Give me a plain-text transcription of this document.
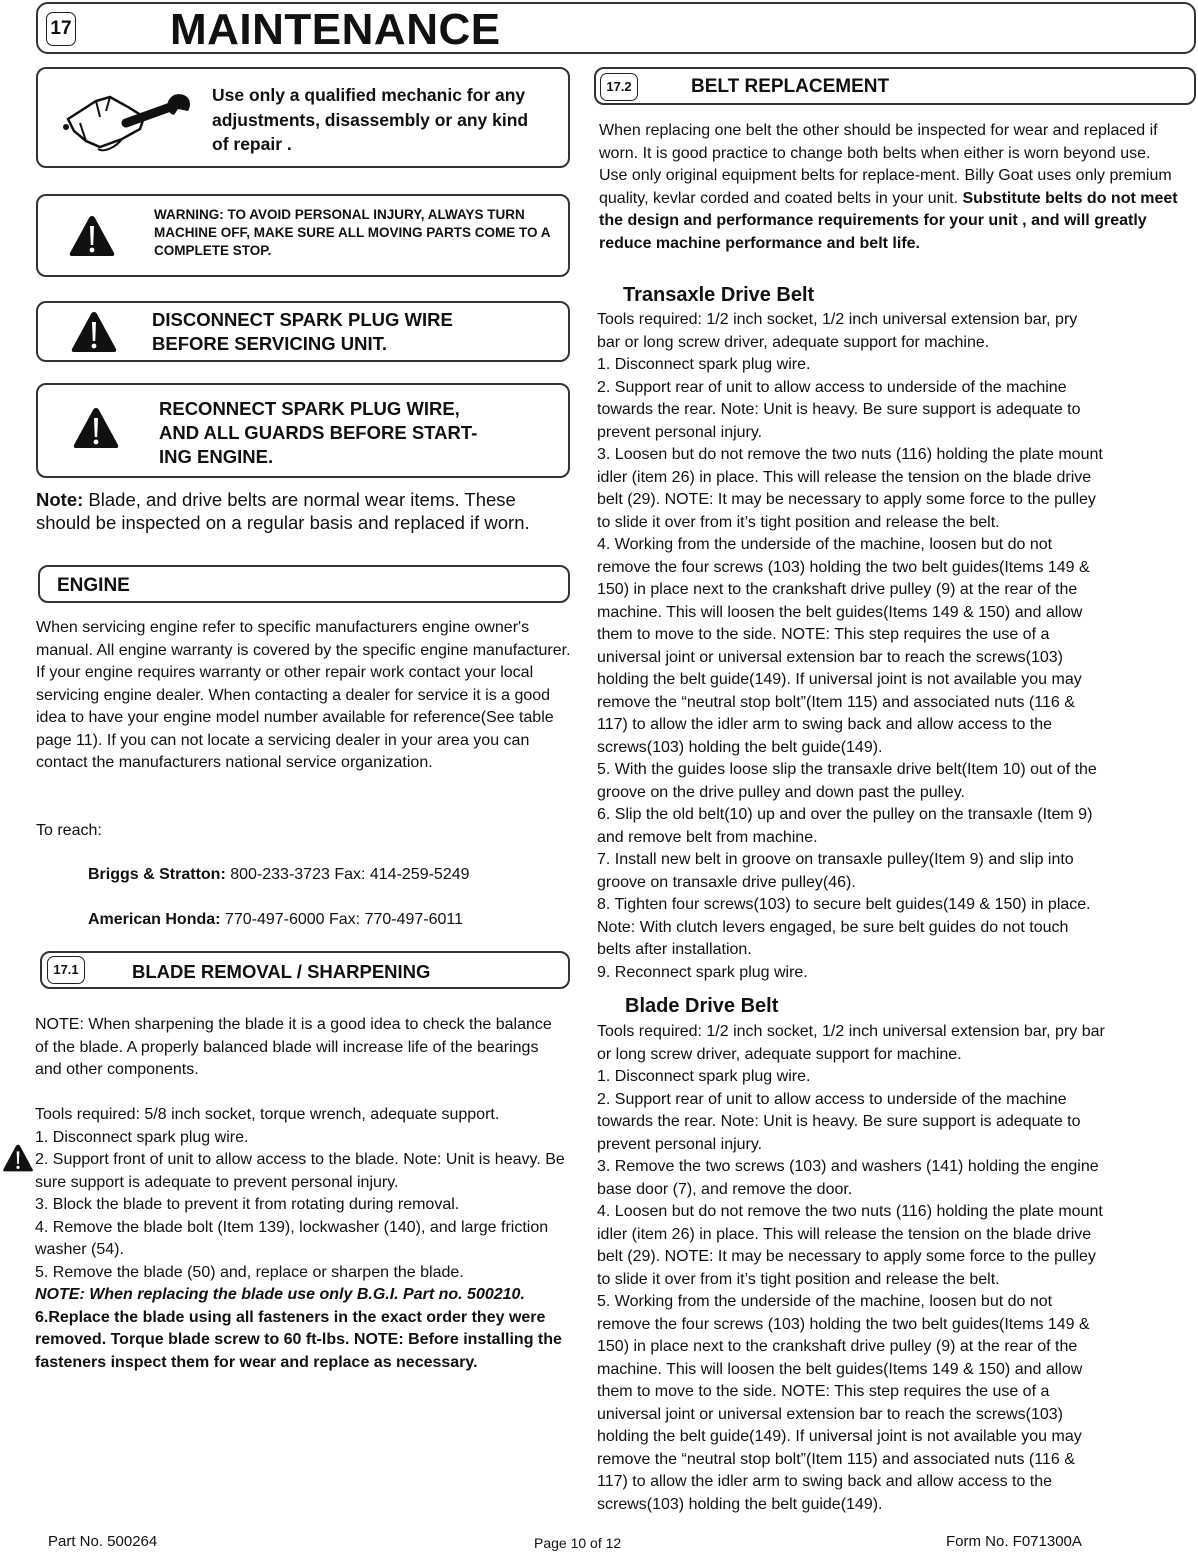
17 MAINTENANCE
Use only a qualified mechanic for any adjustments, disassembly or any kind of repair .
WARNING: TO AVOID PERSONAL INJURY, ALWAYS TURN MACHINE OFF, MAKE SURE ALL MOVING PARTS COME TO A COMPLETE STOP.
DISCONNECT SPARK PLUG WIRE
BEFORE SERVICING UNIT.
RECONNECT SPARK PLUG WIRE,
AND ALL GUARDS BEFORE START-
ING ENGINE.
Note: Blade, and drive belts are normal wear items. These should be inspected on a regular basis and replaced if worn.
ENGINE

When servicing engine refer to specific manufacturers engine owner's manual. All engine warranty is covered by the specific engine manufacturer. If your engine requires warranty or other repair work contact your local servicing engine dealer. When contacting a dealer for service it is a good idea to have your engine model number available for reference(See table page 11). If you can not locate a servicing dealer in your area you can contact the manufacturers national service organization.

To reach:
Briggs & Stratton: 800-233-3723 Fax: 414-259-5249
American Honda: 770-497-6000 Fax: 770-497-6011
17.1	BLADE REMOVAL / SHARPENING

NOTE: When sharpening the blade it is a good idea to check the balance of the blade. A properly balanced blade will increase life of the bearings and other components.

Tools required: 5/8 inch socket, torque wrench, adequate support.

1. Disconnect spark plug wire.

2. Support front of unit to allow access to the blade. Note: Unit is heavy. Be sure support is adequate to prevent personal injury.

3. Block the blade to prevent it from rotating during removal.

4. Remove the blade bolt (Item 139), lockwasher (140), and large friction washer (54).

5. Remove the blade (50) and, replace or sharpen the blade.

NOTE: When replacing the blade use only B.G.I. Part no. 500210.

6.Replace the blade using all fasteners in the exact order they were removed. Torque blade screw to 60 ft-lbs. NOTE: Before installing the fasteners inspect them for wear and replace as necessary.

17.2	BELT REPLACEMENT
When replacing one belt the other should be inspected for wear and replaced if worn. It is good practice to change both belts when either is worn beyond use. Use only original equipment belts for replace-ment. Billy Goat uses only premium quality, kevlar corded and coated belts in your unit. Substitute belts do not meet the design and performance requirements for your unit , and will greatly reduce machine performance and belt life.
Transaxle Drive Belt

Tools required: 1/2 inch socket, 1/2 inch universal extension bar, pry

bar or long screw driver, adequate support for machine.

1. Disconnect spark plug wire.

2. Support rear of unit to allow access to underside of the machine

towards the rear. Note: Unit is heavy. Be sure support is adequate to

prevent personal injury.

3. Loosen but do not remove the two nuts (116) holding the plate mount

idler (item 26) in place. This will release the tension on the blade drive

belt (29). NOTE: It may be necessary to apply some force to the pulley

to slide it over from it’s tight position and release the belt.

4. Working from the underside of the machine, loosen but do not

remove the four screws (103) holding the two belt guides(Items 149 &

150) in place next to the crankshaft drive pulley (9) at the rear of the

machine. This will loosen the belt guides(Items 149 & 150) and allow

them to move to the side. NOTE: This step requires the use of a

universal joint or universal extension bar to reach the screws(103)

holding the belt guide(149). If universal joint is not available you may

remove the “neutral stop bolt”(Item 115) and associated nuts (116 &

117) to allow the idler arm to swing back and allow access to the

screws(103) holding the belt guide(149).

5. With the guides loose slip the transaxle drive belt(Item 10) out of the

groove on the drive pulley and down past the pulley.

6. Slip the old belt(10) up and over the pulley on the transaxle (Item 9)

and remove belt from machine.

7. Install new belt in groove on transaxle pulley(Item 9) and slip into

groove on transaxle drive pulley(46).

8. Tighten four screws(103) to secure belt guides(149 & 150) in place.

Note: With clutch levers engaged, be sure belt guides do not touch

belts after installation.

9. Reconnect spark plug wire.

Blade Drive Belt

Tools required: 1/2 inch socket, 1/2 inch universal extension bar, pry bar

or long screw driver, adequate support for machine.

1. Disconnect spark plug wire.

2. Support rear of unit to allow access to underside of the machine

towards the rear. Note: Unit is heavy. Be sure support is adequate to

prevent personal injury.

3. Remove the two screws (103) and washers (141) holding the engine

base door (7), and remove the door.

4. Loosen but do not remove the two nuts (116) holding the plate mount

idler (item 26) in place. This will release the tension on the blade drive

belt (29). NOTE: It may be necessary to apply some force to the pulley

to slide it over from it’s tight position and release the belt.

5. Working from the underside of the machine, loosen but do not

remove the four screws (103) holding the two belt guides(Items 149 &

150) in place next to the crankshaft drive pulley (9) at the rear of the

machine. This will loosen the belt guides(Items 149 & 150) and allow

them to move to the side. NOTE: This step requires the use of a

universal joint or universal extension bar to reach the screws(103)

holding the belt guide(149). If universal joint is not available you may

remove the “neutral stop bolt”(Item 115) and associated nuts (116 &

117) to allow the idler arm to swing back and allow access to the

screws(103) holding the belt guide(149).

Part No. 500264	Page 10 of 12	Form No. F071300A
